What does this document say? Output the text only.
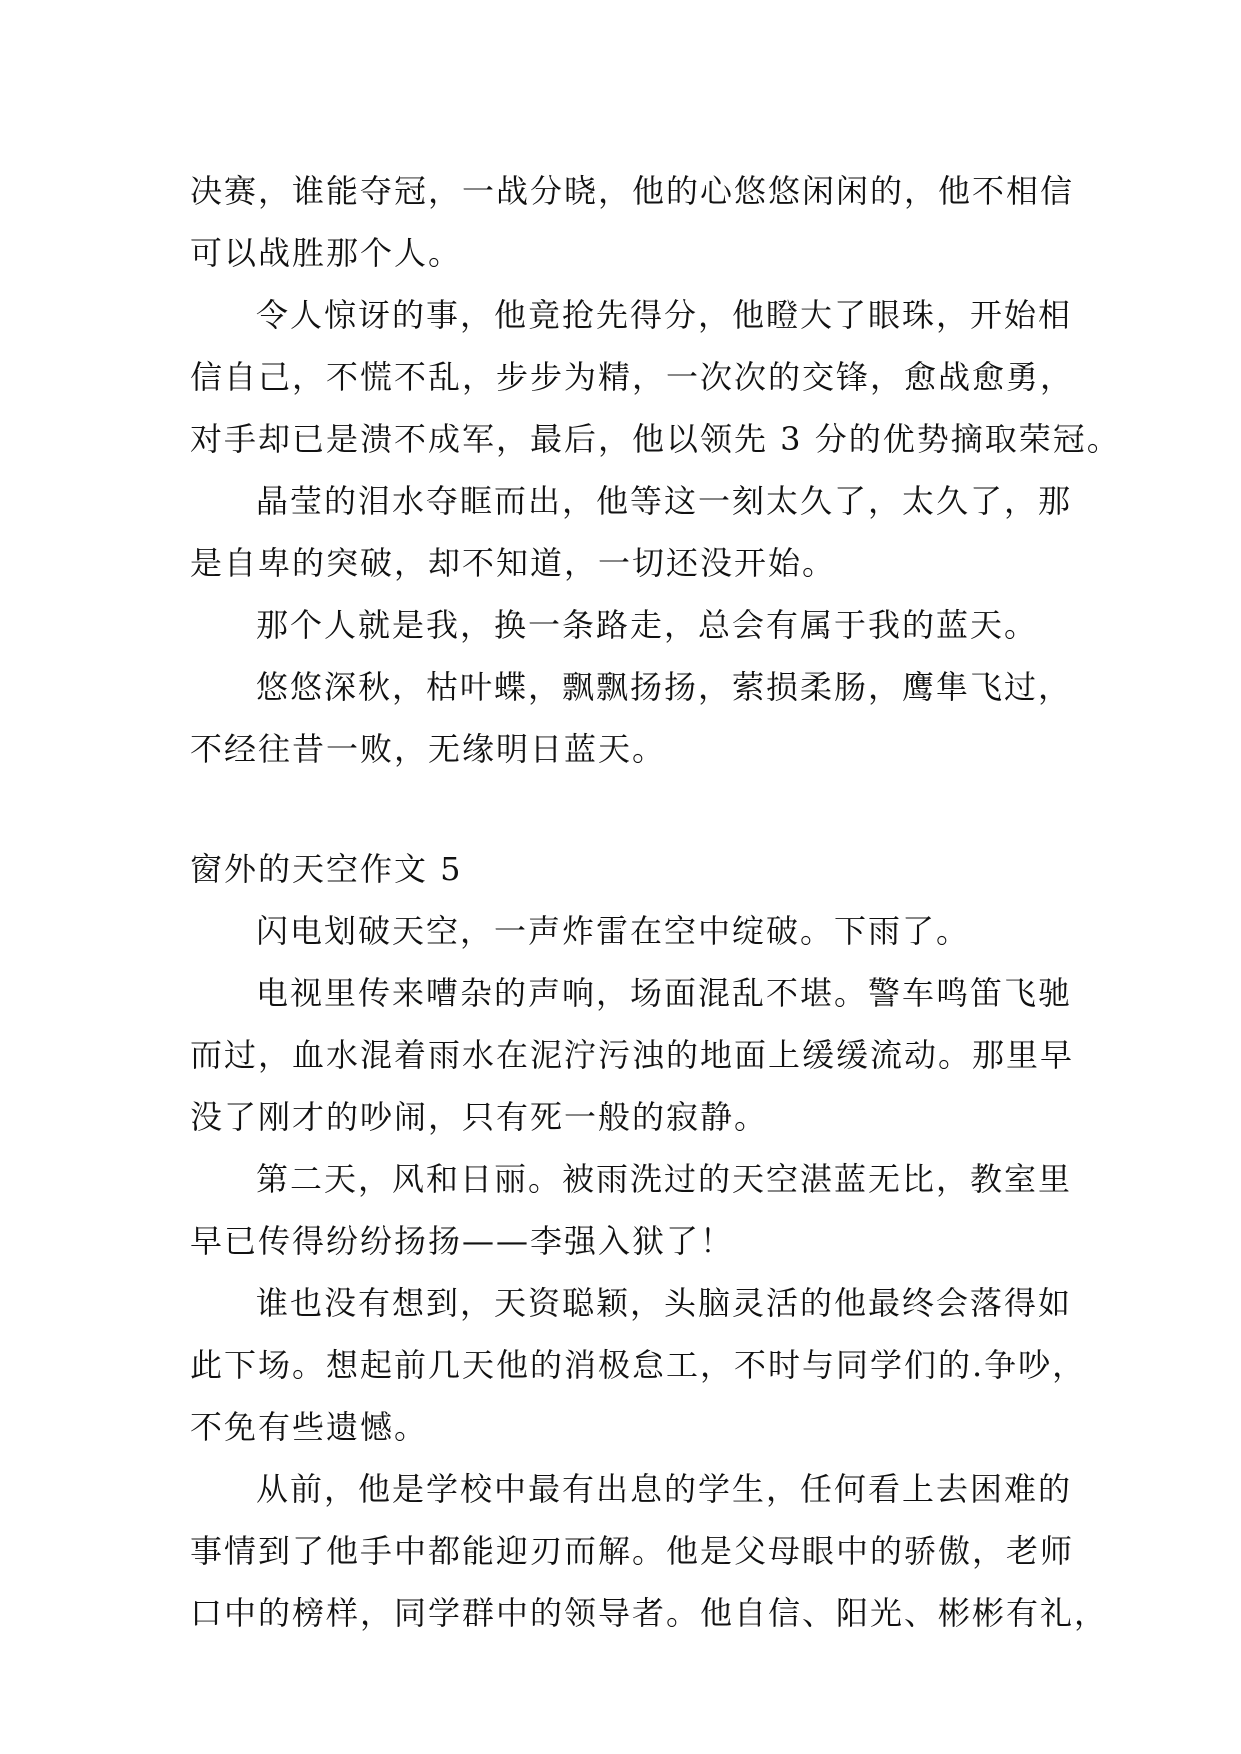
决赛，谁能夺冠，一战分晓，他的心悠悠闲闲的，他不相信
可以战胜那个人。
令人惊讶的事，他竟抢先得分，他瞪大了眼珠，开始相
信自己，不慌不乱，步步为精，一次次的交锋，愈战愈勇，
对手却已是溃不成军，最后，他以领先 3 分的优势摘取荣冠。
晶莹的泪水夺眶而出，他等这一刻太久了，太久了，那
是自卑的突破，却不知道，一切还没开始。
那个人就是我，换一条路走，总会有属于我的蓝天。
悠悠深秋，枯叶蝶，飘飘扬扬，萦损柔肠，鹰隼飞过，
不经往昔一败，无缘明日蓝天。
窗外的天空作文 5
闪电划破天空，一声炸雷在空中绽破。下雨了。
电视里传来嘈杂的声响，场面混乱不堪。警车鸣笛飞驰
而过，血水混着雨水在泥泞污浊的地面上缓缓流动。那里早
没了刚才的吵闹，只有死一般的寂静。
第二天，风和日丽。被雨洗过的天空湛蓝无比，教室里
早已传得纷纷扬扬——李强入狱了！
谁也没有想到，天资聪颖，头脑灵活的他最终会落得如
此下场。想起前几天他的消极怠工，不时与同学们的.争吵，
不免有些遗憾。
从前，他是学校中最有出息的学生，任何看上去困难的
事情到了他手中都能迎刃而解。他是父母眼中的骄傲，老师
口中的榜样，同学群中的领导者。他自信、阳光、彬彬有礼，
